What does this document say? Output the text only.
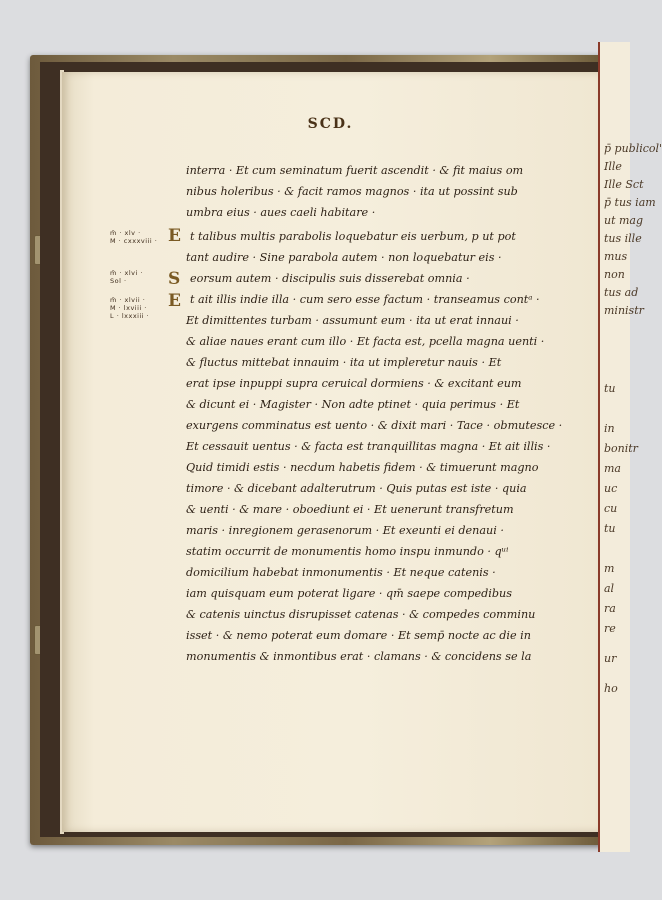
SCD.
m̄ · xlv ·
M · cxxxviii ·
m̄ · xlvi ·
Sol ·
m̄ · xlvii ·
M · lxviii ·
L · lxxxiii ·
E
S
E
interra · Et cum seminatum fuerit ascendit · & fit maius om
nibus holeribus · & facit ramos magnos · ita ut possint sub
umbra eius · aues caeli habitare ·
t talibus multis parabolis loquebatur eis uerbum, p ut pot
tant audire · Sine parabola autem · non loquebatur eis ·
eorsum autem · discipulis suis disserebat omnia ·
t ait illis indie illa · cum sero esse factum · transeamus contᵃ ·
Et dimittentes turbam · assumunt eum · ita ut erat innaui ·
& aliae naues erant cum illo · Et facta est, pcella magna uenti ·
& fluctus mittebat innauim · ita ut impleretur nauis · Et
erat ipse inpuppi supra ceruical dormiens · & excitant eum
& dicunt ei · Magister · Non adte ptinet · quia perimus · Et
exurgens comminatus est uento · & dixit mari · Tace · obmutesce ·
Et cessauit uentus · & facta est tranquillitas magna · Et ait illis ·
Quid timidi estis · necdum habetis fidem · & timuerunt magno
timore · & dicebant adalterutrum · Quis putas est iste · quia
& uenti · & mare · oboediunt ei · Et uenerunt transfretum
maris · inregionem gerasenorum · Et exeunti ei denaui ·
statim occurrit de monumentis homo inspu inmundo · qᵘⁱ
domicilium habebat inmonumentis · Et neque catenis ·
iam quisquam eum poterat ligare · qm̄ saepe compedibus
& catenis uinctus disrupisset catenas · & compedes comminu
isset · & nemo poterat eum domare · Et semp̄ nocte ac die in
monumentis & inmontibus erat · clamans · & concidens se la
p̄ publicol'
Ille
Ille Sct
p̄ tus iam
ut mag
tus ille
mus
non
tus ad
ministr
tu
in
bonitr
ma
uc
cu
tu
m
al
ra
re
ur
ho
